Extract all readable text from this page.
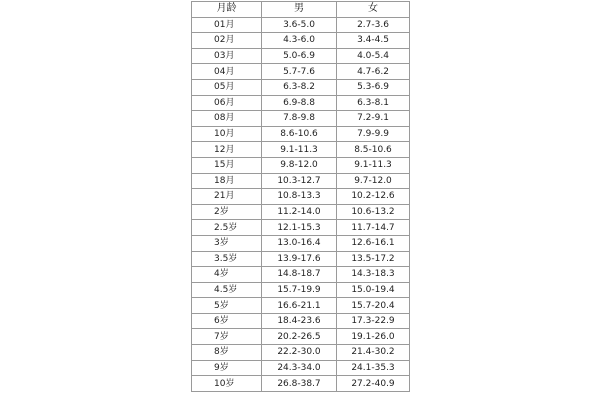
月龄	男	女
01月	3.6-5.0	2.7-3.6
02月	4.3-6.0	3.4-4.5
03月	5.0-6.9	4.0-5.4
04月	5.7-7.6	4.7-6.2
05月	6.3-8.2	5.3-6.9
06月	6.9-8.8	6.3-8.1
08月	7.8-9.8	7.2-9.1
10月	8.6-10.6	7.9-9.9
12月	9.1-11.3	8.5-10.6
15月	9.8-12.0	9.1-11.3
18月	10.3-12.7	9.7-12.0
21月	10.8-13.3	10.2-12.6
2岁	11.2-14.0	10.6-13.2
2.5岁	12.1-15.3	11.7-14.7
3岁	13.0-16.4	12.6-16.1
3.5岁	13.9-17.6	13.5-17.2
4岁	14.8-18.7	14.3-18.3
4.5岁	15.7-19.9	15.0-19.4
5岁	16.6-21.1	15.7-20.4
6岁	18.4-23.6	17.3-22.9
7岁	20.2-26.5	19.1-26.0
8岁	22.2-30.0	21.4-30.2
9岁	24.3-34.0	24.1-35.3
10岁	26.8-38.7	27.2-40.9
